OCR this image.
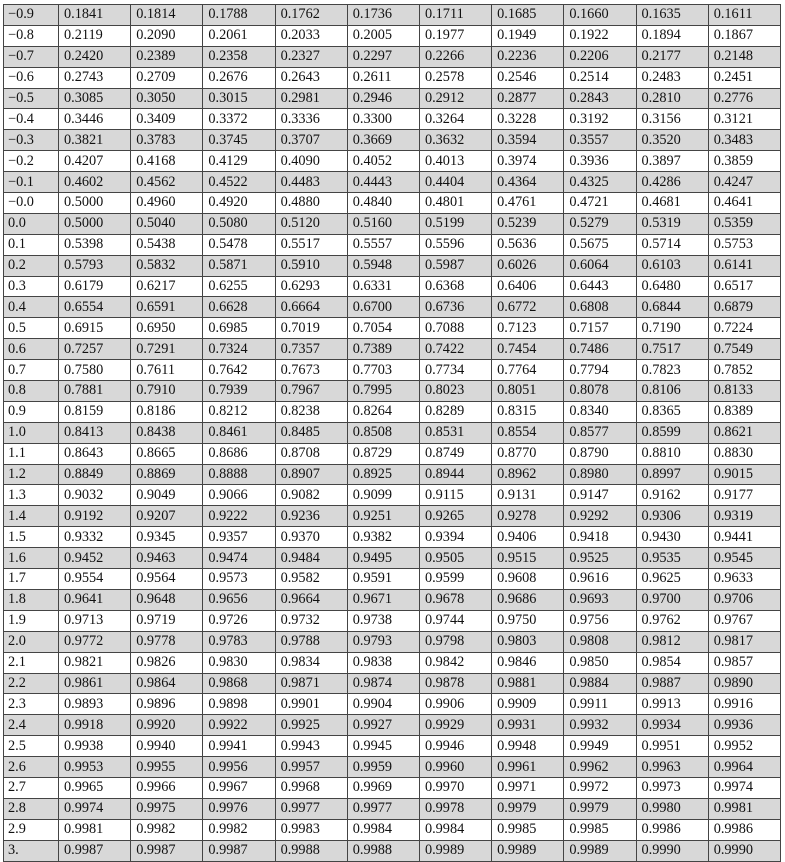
−0.9	0.1841	0.1814	0.1788	0.1762	0.1736	0.1711	0.1685	0.1660	0.1635	0.1611
−0.8	0.2119	0.2090	0.2061	0.2033	0.2005	0.1977	0.1949	0.1922	0.1894	0.1867
−0.7	0.2420	0.2389	0.2358	0.2327	0.2297	0.2266	0.2236	0.2206	0.2177	0.2148
−0.6	0.2743	0.2709	0.2676	0.2643	0.2611	0.2578	0.2546	0.2514	0.2483	0.2451
−0.5	0.3085	0.3050	0.3015	0.2981	0.2946	0.2912	0.2877	0.2843	0.2810	0.2776
−0.4	0.3446	0.3409	0.3372	0.3336	0.3300	0.3264	0.3228	0.3192	0.3156	0.3121
−0.3	0.3821	0.3783	0.3745	0.3707	0.3669	0.3632	0.3594	0.3557	0.3520	0.3483
−0.2	0.4207	0.4168	0.4129	0.4090	0.4052	0.4013	0.3974	0.3936	0.3897	0.3859
−0.1	0.4602	0.4562	0.4522	0.4483	0.4443	0.4404	0.4364	0.4325	0.4286	0.4247
−0.0	0.5000	0.4960	0.4920	0.4880	0.4840	0.4801	0.4761	0.4721	0.4681	0.4641
0.0	0.5000	0.5040	0.5080	0.5120	0.5160	0.5199	0.5239	0.5279	0.5319	0.5359
0.1	0.5398	0.5438	0.5478	0.5517	0.5557	0.5596	0.5636	0.5675	0.5714	0.5753
0.2	0.5793	0.5832	0.5871	0.5910	0.5948	0.5987	0.6026	0.6064	0.6103	0.6141
0.3	0.6179	0.6217	0.6255	0.6293	0.6331	0.6368	0.6406	0.6443	0.6480	0.6517
0.4	0.6554	0.6591	0.6628	0.6664	0.6700	0.6736	0.6772	0.6808	0.6844	0.6879
0.5	0.6915	0.6950	0.6985	0.7019	0.7054	0.7088	0.7123	0.7157	0.7190	0.7224
0.6	0.7257	0.7291	0.7324	0.7357	0.7389	0.7422	0.7454	0.7486	0.7517	0.7549
0.7	0.7580	0.7611	0.7642	0.7673	0.7703	0.7734	0.7764	0.7794	0.7823	0.7852
0.8	0.7881	0.7910	0.7939	0.7967	0.7995	0.8023	0.8051	0.8078	0.8106	0.8133
0.9	0.8159	0.8186	0.8212	0.8238	0.8264	0.8289	0.8315	0.8340	0.8365	0.8389
1.0	0.8413	0.8438	0.8461	0.8485	0.8508	0.8531	0.8554	0.8577	0.8599	0.8621
1.1	0.8643	0.8665	0.8686	0.8708	0.8729	0.8749	0.8770	0.8790	0.8810	0.8830
1.2	0.8849	0.8869	0.8888	0.8907	0.8925	0.8944	0.8962	0.8980	0.8997	0.9015
1.3	0.9032	0.9049	0.9066	0.9082	0.9099	0.9115	0.9131	0.9147	0.9162	0.9177
1.4	0.9192	0.9207	0.9222	0.9236	0.9251	0.9265	0.9278	0.9292	0.9306	0.9319
1.5	0.9332	0.9345	0.9357	0.9370	0.9382	0.9394	0.9406	0.9418	0.9430	0.9441
1.6	0.9452	0.9463	0.9474	0.9484	0.9495	0.9505	0.9515	0.9525	0.9535	0.9545
1.7	0.9554	0.9564	0.9573	0.9582	0.9591	0.9599	0.9608	0.9616	0.9625	0.9633
1.8	0.9641	0.9648	0.9656	0.9664	0.9671	0.9678	0.9686	0.9693	0.9700	0.9706
1.9	0.9713	0.9719	0.9726	0.9732	0.9738	0.9744	0.9750	0.9756	0.9762	0.9767
2.0	0.9772	0.9778	0.9783	0.9788	0.9793	0.9798	0.9803	0.9808	0.9812	0.9817
2.1	0.9821	0.9826	0.9830	0.9834	0.9838	0.9842	0.9846	0.9850	0.9854	0.9857
2.2	0.9861	0.9864	0.9868	0.9871	0.9874	0.9878	0.9881	0.9884	0.9887	0.9890
2.3	0.9893	0.9896	0.9898	0.9901	0.9904	0.9906	0.9909	0.9911	0.9913	0.9916
2.4	0.9918	0.9920	0.9922	0.9925	0.9927	0.9929	0.9931	0.9932	0.9934	0.9936
2.5	0.9938	0.9940	0.9941	0.9943	0.9945	0.9946	0.9948	0.9949	0.9951	0.9952
2.6	0.9953	0.9955	0.9956	0.9957	0.9959	0.9960	0.9961	0.9962	0.9963	0.9964
2.7	0.9965	0.9966	0.9967	0.9968	0.9969	0.9970	0.9971	0.9972	0.9973	0.9974
2.8	0.9974	0.9975	0.9976	0.9977	0.9977	0.9978	0.9979	0.9979	0.9980	0.9981
2.9	0.9981	0.9982	0.9982	0.9983	0.9984	0.9984	0.9985	0.9985	0.9986	0.9986
3.	0.9987	0.9987	0.9987	0.9988	0.9988	0.9989	0.9989	0.9989	0.9990	0.9990
